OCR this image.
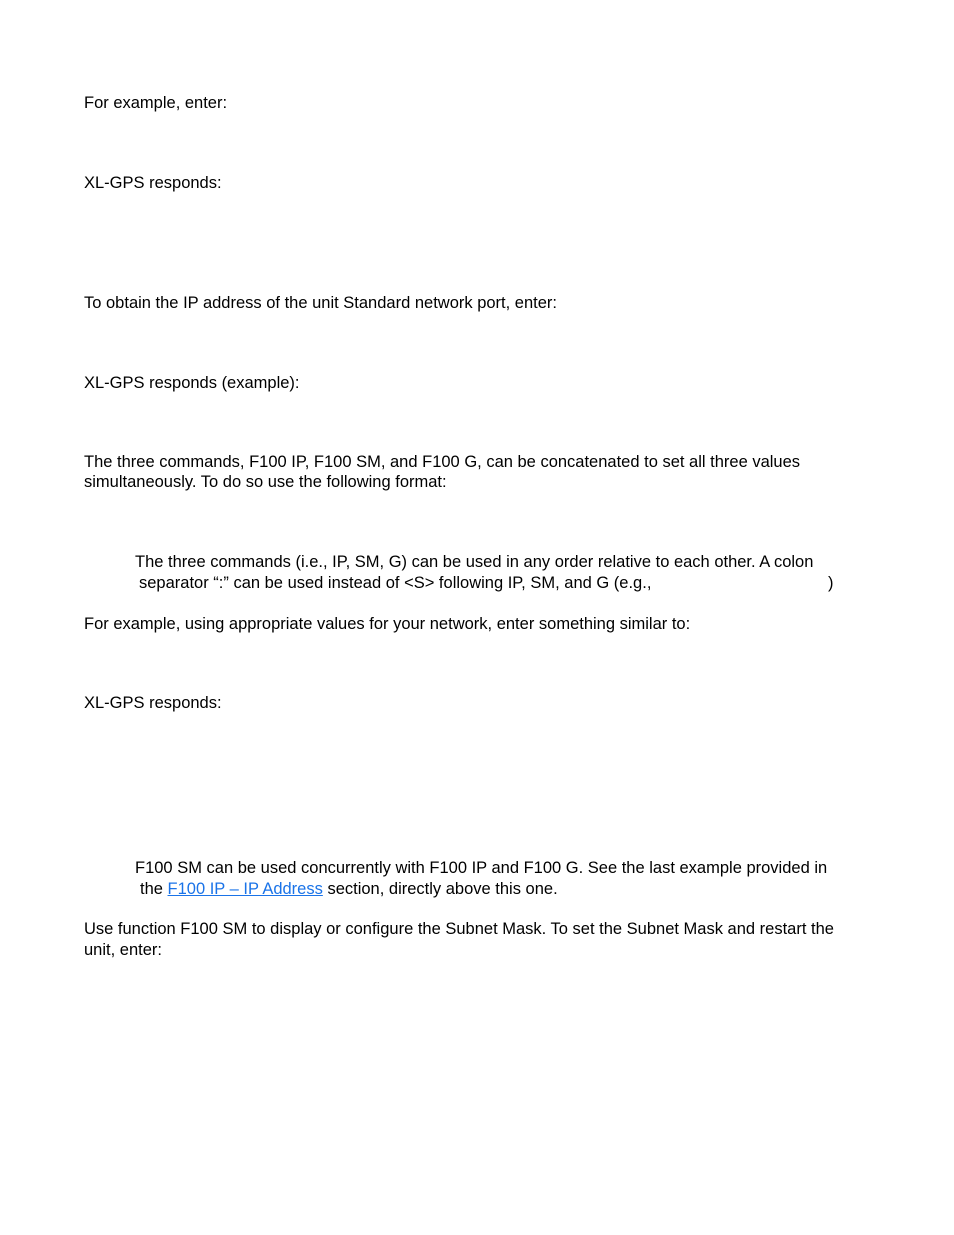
For example, enter:
XL-GPS responds:
To obtain the IP address of the unit Standard network port, enter:
XL-GPS responds (example):
The three commands, F100 IP, F100 SM, and F100 G, can be concatenated to set all three values
simultaneously. To do so use the following format:
The three commands (i.e., IP, SM, G) can be used in any order relative to each other. A colon
separator “:” can be used instead of <S> following IP, SM, and G (e.g.,	)
For example, using appropriate values for your network, enter something similar to:
XL-GPS responds:
F100 SM can be used concurrently with F100 IP and F100 G. See the last example provided in
the F100 IP – IP Address section, directly above this one.
Use function F100 SM to display or configure the Subnet Mask. To set the Subnet Mask and restart the
unit, enter:
